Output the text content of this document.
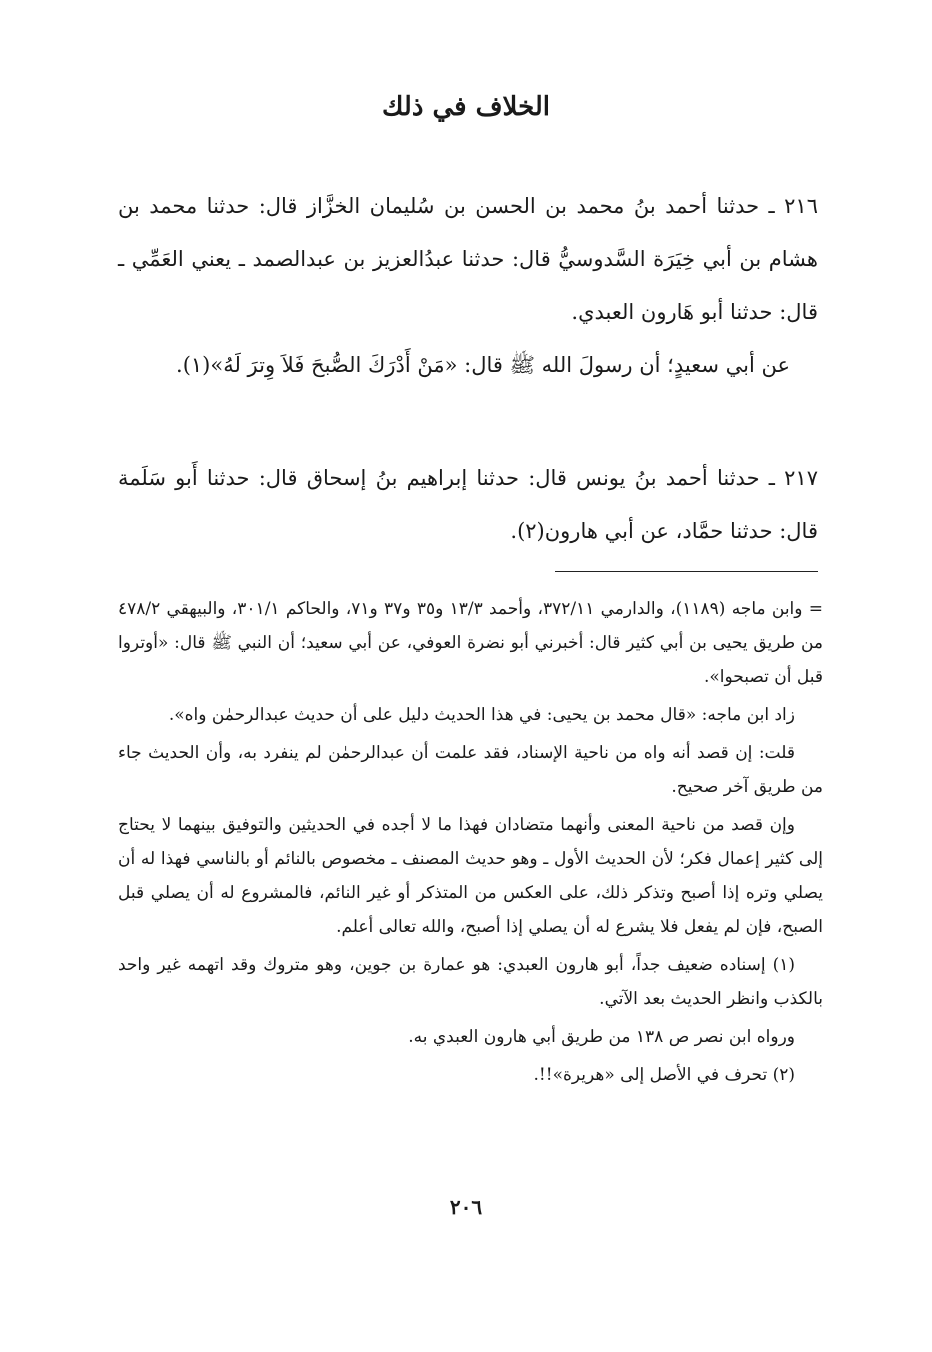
الخلاف في ذلك

٢١٦ ـ حدثنا أحمد بنُ محمد بن الحسن بن سُليمان الخزَّاز قال: حدثنا محمد بن هشام بن أبي خِيَرَة السَّدوسيُّ قال: حدثنا عبدُالعزيز بن عبدالصمد ـ يعني العَمِّي ـ قال: حدثنا أبو هَارون العبدي.

عن أبي سعيدٍ؛ أن رسولَ الله ﷺ قال: «مَنْ أَدْرَكَ الصُّبحَ فَلاَ وِترَ لَهُ»(١).

٢١٧ ـ حدثنا أحمد بنُ يونس قال: حدثنا إبراهيم بنُ إسحاق قال: حدثنا أَبو سَلَمة قال: حدثنا حمَّاد، عن أبي هارون(٢).

= وابن ماجه (١١٨٩)، والدارمي ٣٧٢/١١، وأحمد ١٣/٣ و٣٥ و٣٧ و٧١، والحاكم ٣٠١/١، والبيهقي ٤٧٨/٢ من طريق يحيى بن أبي كثير قال: أخبرني أبو نضرة العوفي، عن أبي سعيد؛ أن النبي ﷺ قال: «أوتروا قبل أن تصبحوا».

زاد ابن ماجه: «قال محمد بن يحيى: في هذا الحديث دليل على أن حديث عبدالرحمٰن واه».

قلت: إن قصد أنه واه من ناحية الإسناد، فقد علمت أن عبدالرحمٰن لم ينفرد به، وأن الحديث جاء من طريق آخر صحيح.

وإن قصد من ناحية المعنى وأنهما متضادان فهذا ما لا أجده في الحديثين والتوفيق بينهما لا يحتاج إلى كثير إعمال فكر؛ لأن الحديث الأول ـ وهو حديث المصنف ـ مخصوص بالنائم أو بالناسي فهذا له أن يصلي وتره إذا أصبح وتذكر ذلك، على العكس من المتذكر أو غير النائم، فالمشروع له أن يصلي قبل الصبح، فإن لم يفعل فلا يشرع له أن يصلي إذا أصبح، والله تعالى أعلم.

(١) إسناده ضعيف جداً، أبو هارون العبدي: هو عمارة بن جوين، وهو متروك وقد اتهمه غير واحد بالكذب وانظر الحديث بعد الآتي.

ورواه ابن نصر ص ١٣٨ من طريق أبي هارون العبدي به.

(٢) تحرف في الأصل إلى «هريرة»!!.

٢٠٦
